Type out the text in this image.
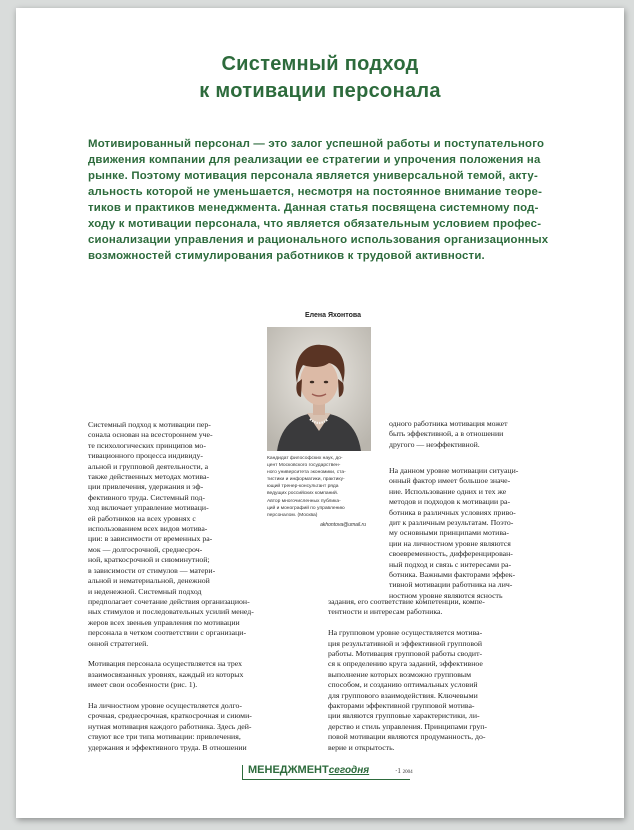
Системный подход
к мотивации персонала

Мотивированный персонал — это залог успешной работы и поступательного
движения компании для реализации ее стратегии и упрочения положения на
рынке. Поэтому мотивация персонала является универсальной темой, акту-
альность которой не уменьшается, несмотря на постоянное внимание теоре-
тиков и практиков менеджмента. Данная статья посвящена системному под-
ходу к мотивации персонала, что является обязательным условием профес-
сионализации управления и рационального использования организационных
возможностей стимулирования работников к трудовой активности.

Елена Яхонтова

Кандидат философских наук, до-
цент Московского государствен-
ного университета экономики, ста-
тистики и информатики, практику-
ющий тренер-консультант ряда
ведущих российских компаний.
Автор многочисленных публика-
ций и монографий по управлению
персоналом. (Москва)

akhontova@umail.ru

Системный подход к мотивации пер-
сонала основан на всестороннем уче-
те психологических принципов мо-
тивационного процесса индивиду-
альной и групповой деятельности, а
также действенных методах мотива-
ции привлечения, удержания и эф-
фективного труда. Системный под-
ход включает управление мотиваци-
ей работников на всех уровнях с
использованием всех видов мотива-
ции: в зависимости от временных ра-
мок — долгосрочной, среднесроч-
ной, краткосрочной и сиюминутной;
в зависимости от стимулов — матери-
альной и нематериальной, денежной
и неденежной. Системный подход

предполагает сочетание действия организацион-
ных стимулов и последовательных усилий менед-
жеров всех звеньев управления по мотивации
персонала в четком соответствии с организаци-
онной стратегией.

Мотивация персонала осуществляется на трех
взаимосвязанных уровнях, каждый из которых
имеет свои особенности (рис. 1).

На личностном уровне осуществляется долго-
срочная, среднесрочная, краткосрочная и сиюми-
нутная мотивация каждого работника. Здесь дей-
ствуют все три типа мотивации: привлечения,
удержания и эффективного труда. В отношении

одного работника мотивация может
быть эффективной, а в отношении
другого — неэффективной.

На данном уровне мотивации ситуаци-
онный фактор имеет большое значе-
ние. Использование одних и тех же
методов и подходов к мотивации ра-
ботника в различных условиях приво-
дит к различным результатам. Поэто-
му основными принципами мотива-
ции на личностном уровне являются
своевременность, дифференцирован-
ный подход и связь с интересами ра-
ботника. Важными факторами эффек-
тивной мотивации работника на лич-
ностном уровне являются ясность

задания, его соответствие компетенции, компе-
тентности и интересам работника.

На групповом уровне осуществляется мотива-
ция результативной и эффективной групповой
работы. Мотивация групповой работы сводит-
ся к определению круга заданий, эффективное
выполнение которых возможно групповым
способом, и созданию оптимальных условий
для группового взаимодействия. Ключевыми
факторами эффективной групповой мотива-
ции являются групповые характеристики, ли-
дерство и стиль управления. Принципами груп-
повой мотивации являются продуманность, до-
верие и открытость.

МЕНЕДЖМЕНТсегодня	·1 2004
